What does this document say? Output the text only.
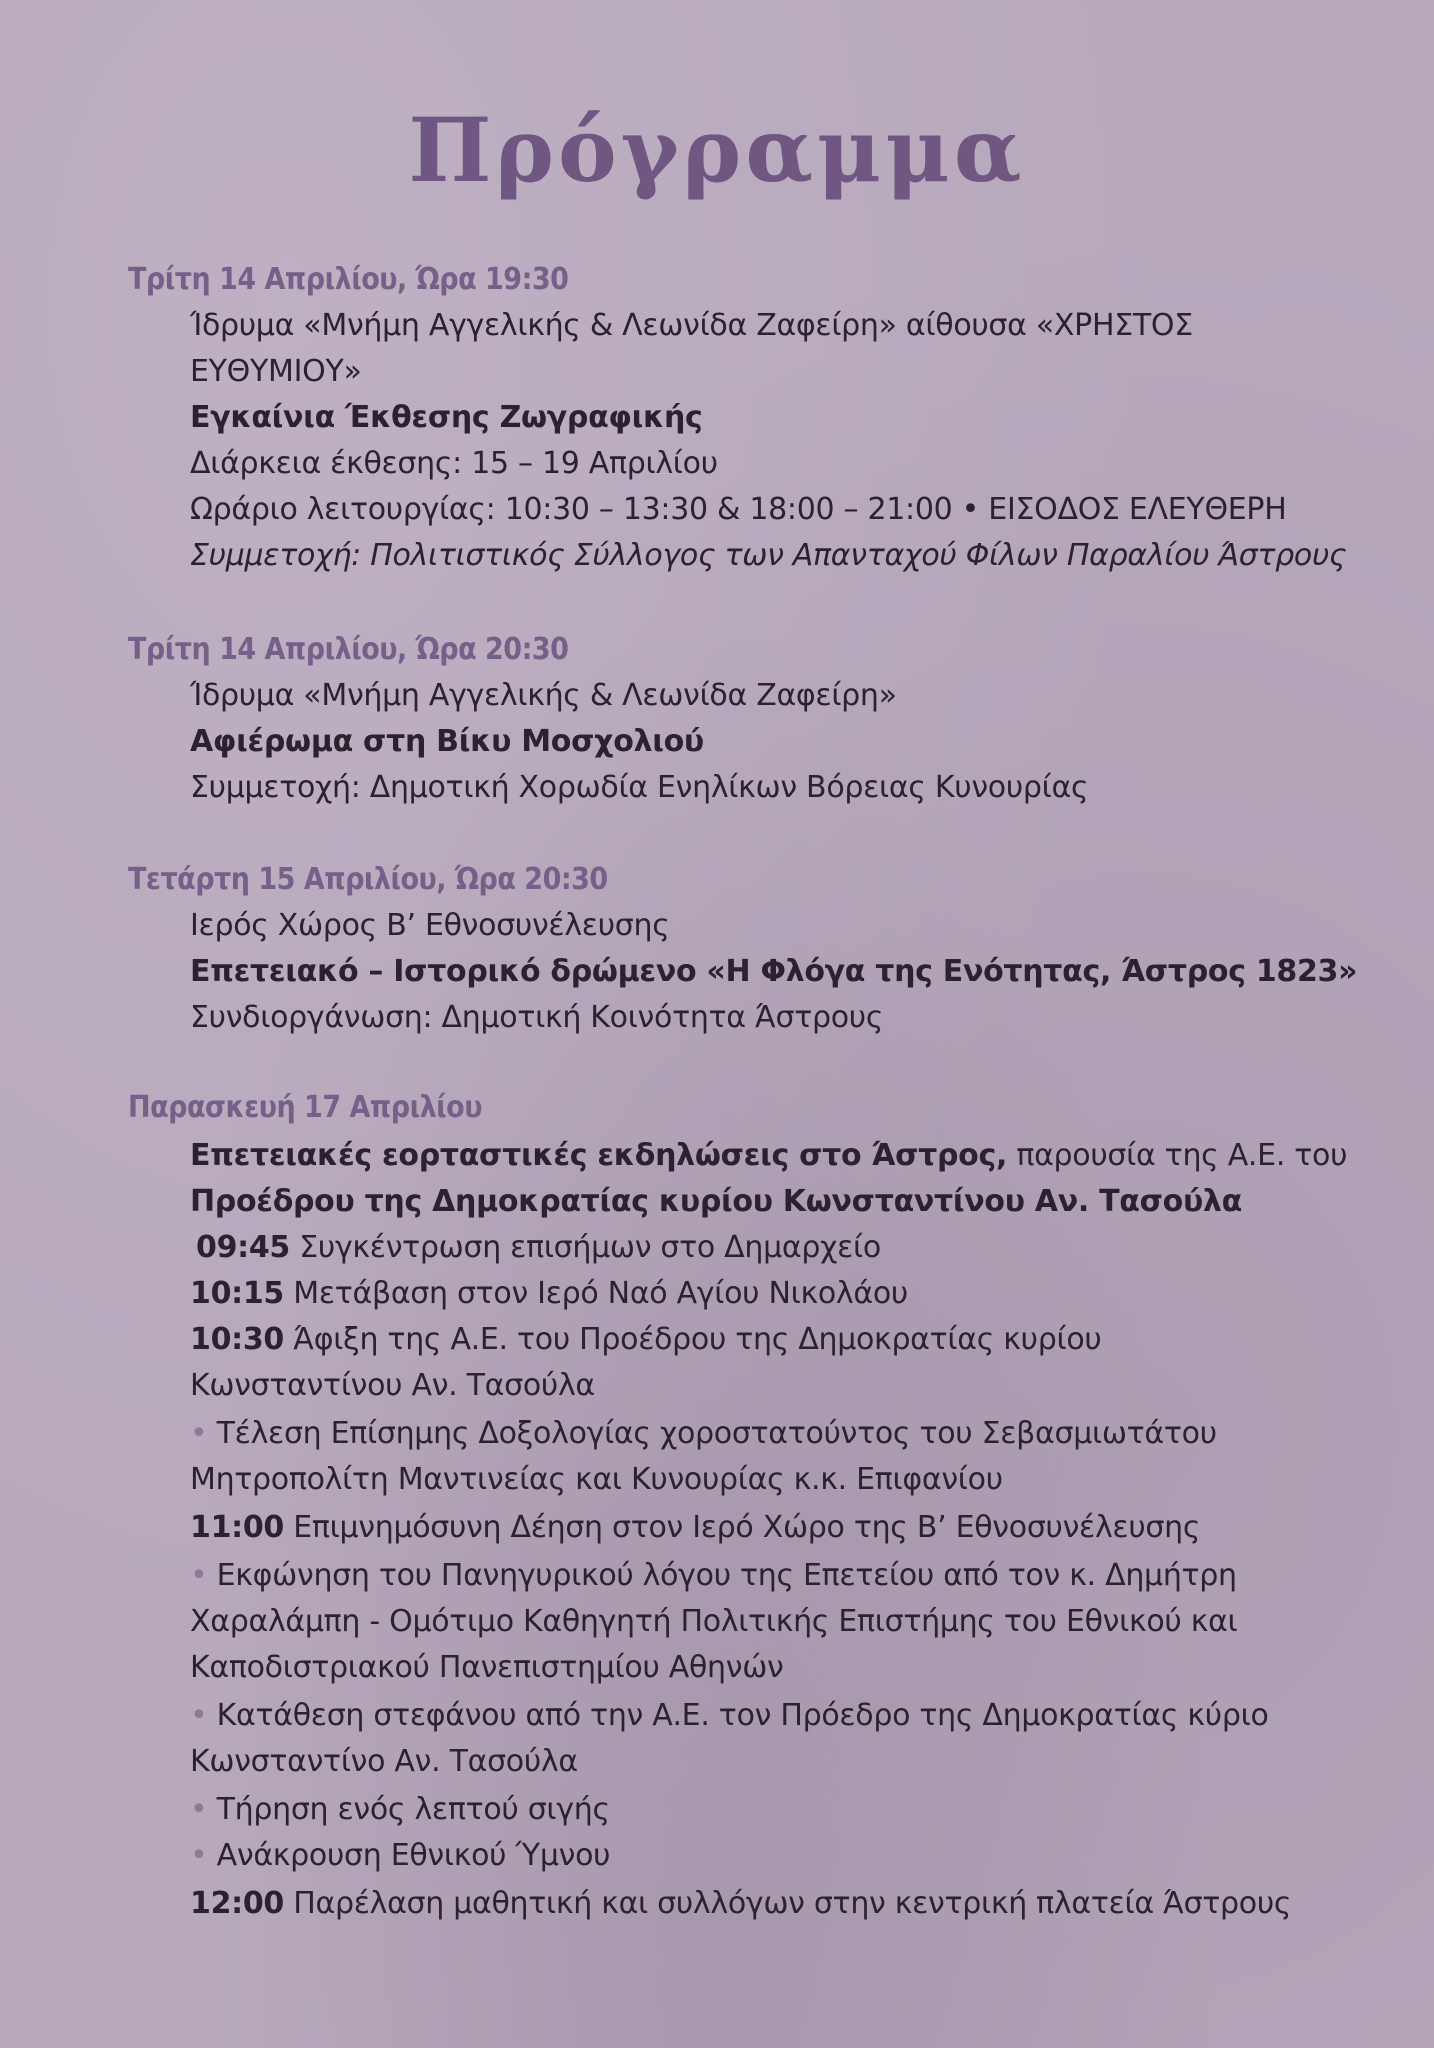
Πρόγραμμα
Τρίτη 14 Απριλίου, Ώρα 19:30
Ίδρυμα «Μνήμη Αγγελικής & Λεωνίδα Ζαφείρη» αίθουσα «ΧΡΗΣΤΟΣ
ΕΥΘΥΜΙΟΥ»
Εγκαίνια Έκθεσης Ζωγραφικής
Διάρκεια έκθεσης: 15 – 19 Απριλίου
Ωράριο λειτουργίας: 10:30 – 13:30 & 18:00 – 21:00 • ΕΙΣΟΔΟΣ ΕΛΕΥΘΕΡΗ
Συμμετοχή: Πολιτιστικός Σύλλογος των Απανταχού Φίλων Παραλίου Άστρους
Τρίτη 14 Απριλίου, Ώρα 20:30
Ίδρυμα «Μνήμη Αγγελικής & Λεωνίδα Ζαφείρη»
Αφιέρωμα στη Βίκυ Μοσχολιού
Συμμετοχή: Δημοτική Χορωδία Ενηλίκων Βόρειας Κυνουρίας
Τετάρτη 15 Απριλίου, Ώρα 20:30
Ιερός Χώρος Β’ Εθνοσυνέλευσης
Επετειακό – Ιστορικό δρώμενο «Η Φλόγα της Ενότητας, Άστρος 1823»
Συνδιοργάνωση: Δημοτική Κοινότητα Άστρους
Παρασκευή 17 Απριλίου
Επετειακές εορταστικές εκδηλώσεις στο Άστρος, παρουσία της Α.Ε. του
Προέδρου της Δημοκρατίας κυρίου Κωνσταντίνου Αν. Τασούλα
09:45 Συγκέντρωση επισήμων στο Δημαρχείο
10:15 Μετάβαση στον Ιερό Ναό Αγίου Νικολάου
10:30 Άφιξη της Α.Ε. του Προέδρου της Δημοκρατίας κυρίου
Κωνσταντίνου Αν. Τασούλα
• Τέλεση Επίσημης Δοξολογίας χοροστατούντος του Σεβασμιωτάτου
Μητροπολίτη Μαντινείας και Κυνουρίας κ.κ. Επιφανίου
11:00 Επιμνημόσυνη Δέηση στον Ιερό Χώρο της Β’ Εθνοσυνέλευσης
• Εκφώνηση του Πανηγυρικού λόγου της Επετείου από τον κ. Δημήτρη
Χαραλάμπη - Ομότιμο Καθηγητή Πολιτικής Επιστήμης του Εθνικού και
Καποδιστριακού Πανεπιστημίου Αθηνών
• Κατάθεση στεφάνου από την Α.Ε. τον Πρόεδρο της Δημοκρατίας κύριο
Κωνσταντίνο Αν. Τασούλα
• Τήρηση ενός λεπτού σιγής
• Ανάκρουση Εθνικού Ύμνου
12:00 Παρέλαση μαθητική και συλλόγων στην κεντρική πλατεία Άστρους
